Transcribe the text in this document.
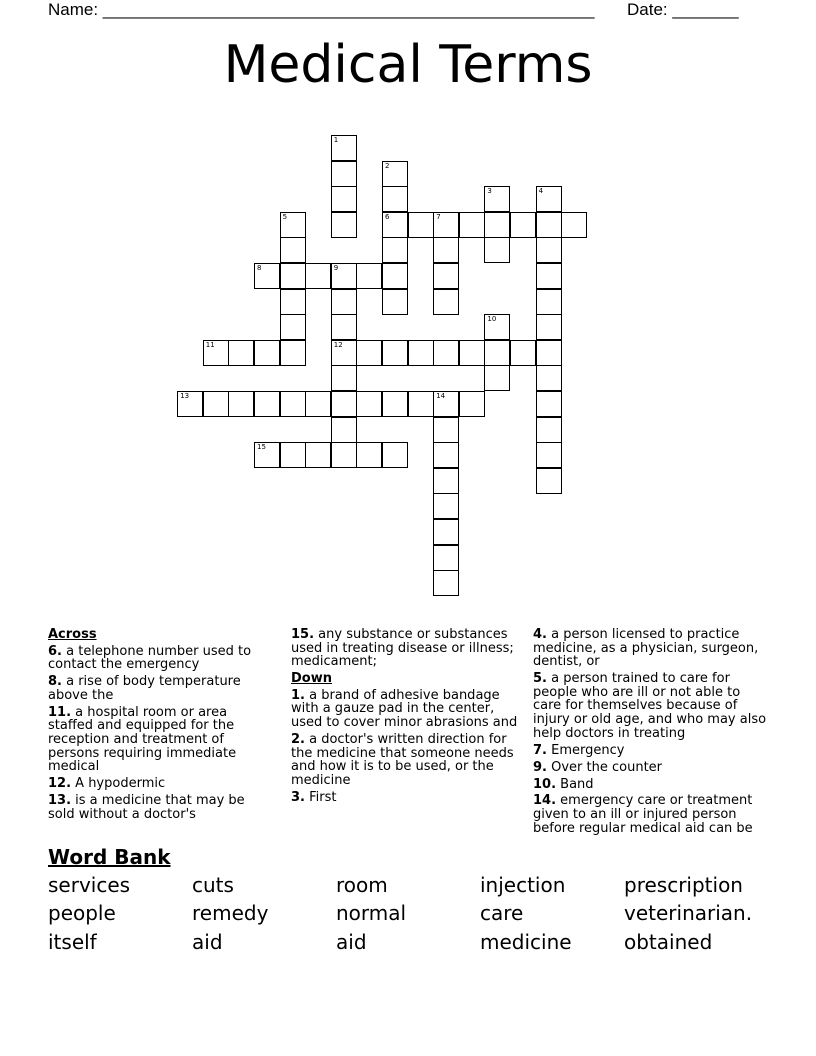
Name: ____________________________________________________ Date: _______
Medical Terms
1
2
3	4
5	6	7
8	9
10
11	12
13	14
15
Across
6. a telephone number used to contact the emergency
8. a rise of body temperature above the
11. a hospital room or area staffed and equipped for the reception and treatment of persons requiring immediate medical
12. A hypodermic
13. is a medicine that may be sold without a doctor's
15. any substance or substances used in treating disease or illness; medicament;
Down
1. a brand of adhesive bandage with a gauze pad in the center, used to cover minor abrasions and
2. a doctor's written direction for the medicine that someone needs and how it is to be used, or the medicine
3. First
4. a person licensed to practice medicine, as a physician, surgeon, dentist, or
5. a person trained to care for people who are ill or not able to care for themselves because of injury or old age, and who may also help doctors in treating
7. Emergency
9. Over the counter
10. Band
14. emergency care or treatment given to an ill or injured person before regular medical aid can be
Word Bank
services	cuts	room	injection	prescription
people	remedy	normal	care	veterinarian.
itself	aid	aid	medicine	obtained
